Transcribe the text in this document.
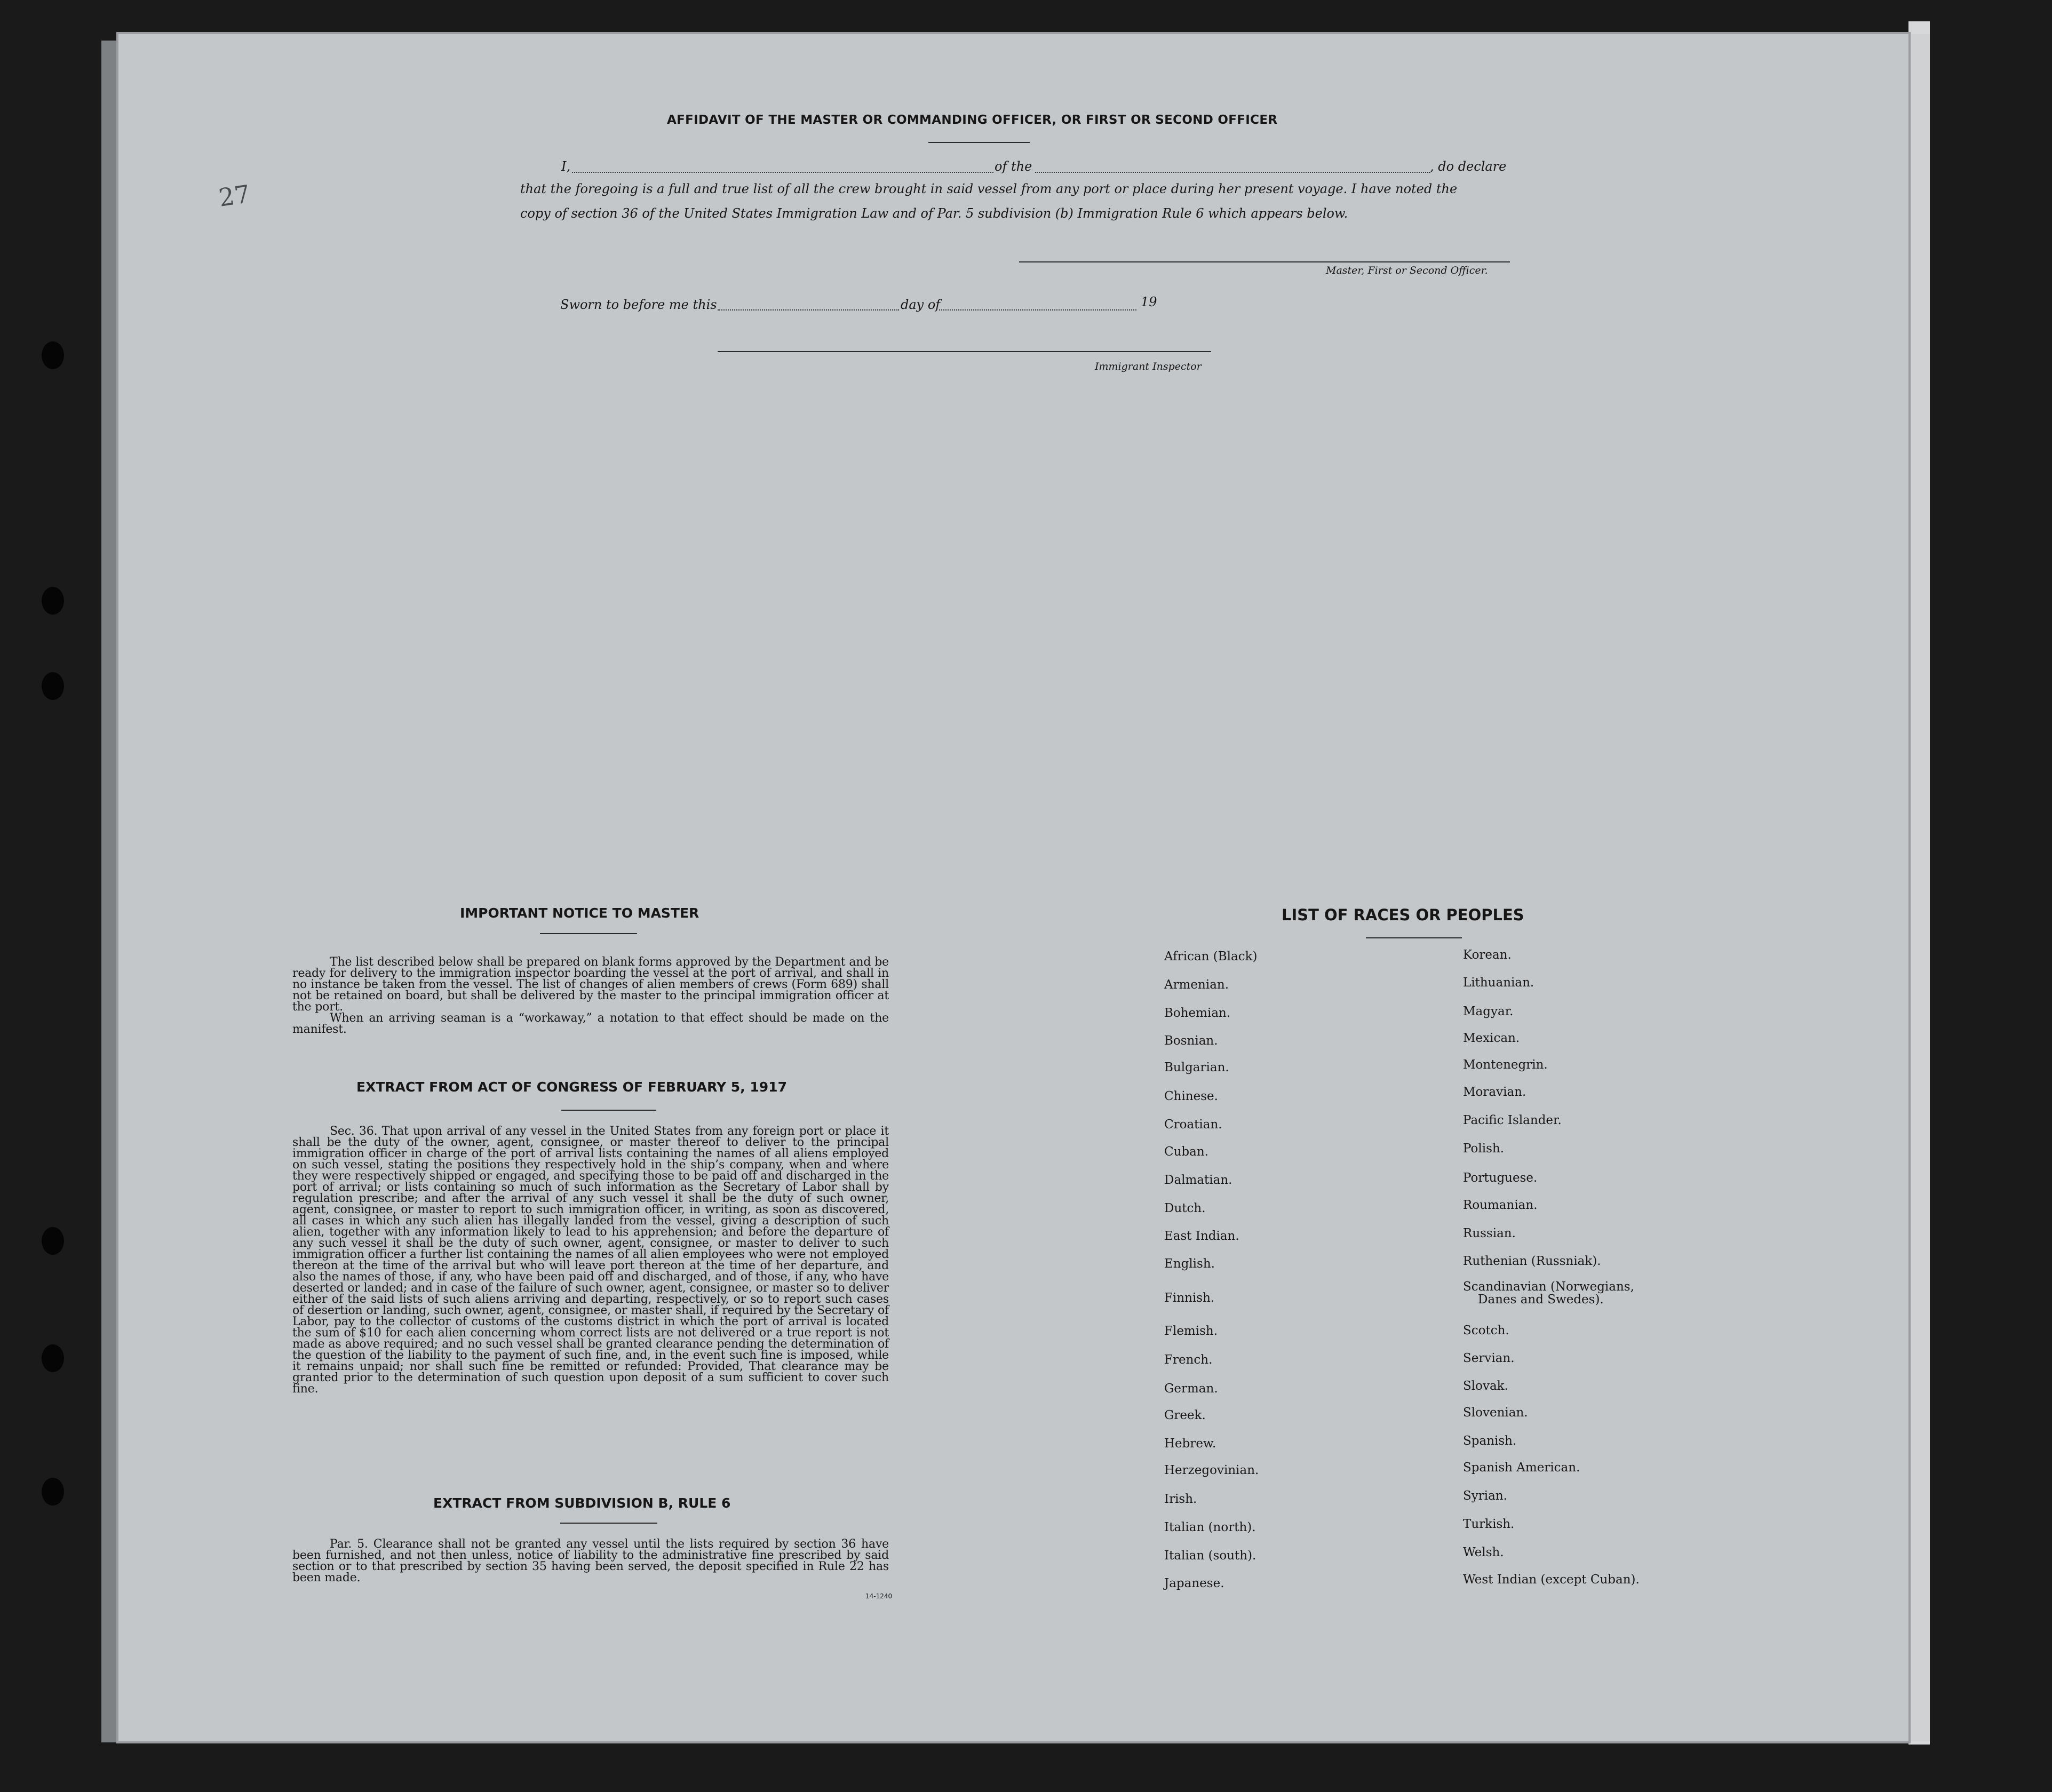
27
AFFIDAVIT OF THE MASTER OR COMMANDING OFFICER, OR FIRST OR SECOND OFFICER
I,	of the	, do declare
that the foregoing is a full and true list of all the crew brought in said vessel from any port or place during her present voyage. I have noted the
copy of section 36 of the United States Immigration Law and of Par. 5 subdivision (b) Immigration Rule 6 which appears below.
Master, First or Second Officer.
Sworn to before me this	day of	19
Immigrant Inspector
IMPORTANT NOTICE TO MASTER

The list described below shall be prepared on blank forms approved by the Department and be ready for delivery to the immigration inspector boarding the vessel at the port of arrival, and shall in no instance be taken from the vessel. The list of changes of alien members of crews (Form 689) shall not be retained on board, but shall be delivered by the master to the principal immigration officer at the port.

When an arriving seaman is a “workaway,” a notation to that effect should be made on the manifest.

EXTRACT FROM ACT OF CONGRESS OF FEBRUARY 5, 1917

Sec. 36. That upon arrival of any vessel in the United States from any foreign port or place it shall be the duty of the owner, agent, consignee, or master thereof to deliver to the principal immigration officer in charge of the port of arrival lists containing the names of all aliens employed on such vessel, stating the positions they respectively hold in the ship’s company, when and where they were respectively shipped or engaged, and specifying those to be paid off and discharged in the port of arrival; or lists containing so much of such information as the Secretary of Labor shall by regulation prescribe; and after the arrival of any such vessel it shall be the duty of such owner, agent, consignee, or master to report to such immigration officer, in writing, as soon as discovered, all cases in which any such alien has illegally landed from the vessel, giving a description of such alien, together with any information likely to lead to his apprehension; and before the departure of any such vessel it shall be the duty of such owner, agent, consignee, or master to deliver to such immigration officer a further list containing the names of all alien employees who were not employed thereon at the time of the arrival but who will leave port thereon at the time of her departure, and also the names of those, if any, who have been paid off and discharged, and of those, if any, who have deserted or landed; and in case of the failure of such owner, agent, consignee, or master so to deliver either of the said lists of such aliens arriving and departing, respectively, or so to report such cases of desertion or landing, such owner, agent, consignee, or master shall, if required by the Secretary of Labor, pay to the collector of customs of the customs district in which the port of arrival is located the sum of $10 for each alien concerning whom correct lists are not delivered or a true report is not made as above required; and no such vessel shall be granted clearance pending the determination of the question of the liability to the payment of such fine, and, in the event such fine is imposed, while it remains unpaid; nor shall such fine be remitted or refunded: Provided, That clearance may be granted prior to the determination of such question upon deposit of a sum sufficient to cover such fine.

EXTRACT FROM SUBDIVISION B, RULE 6

Par. 5. Clearance shall not be granted any vessel until the lists required by section 36 have been furnished, and not then unless, notice of liability to the administrative fine prescribed by said section or to that prescribed by section 35 having been served, the deposit specified in Rule 22 has been made.

14-1240
LIST OF RACES OR PEOPLES
African (Black)
Armenian.
Bohemian.
Bosnian.
Bulgarian.
Chinese.
Croatian.
Cuban.
Dalmatian.
Dutch.
East Indian.
English.
Finnish.
Flemish.
French.
German.
Greek.
Hebrew.
Herzegovinian.
Irish.
Italian (north).
Italian (south).
Japanese.
Korean.
Lithuanian.
Magyar.
Mexican.
Montenegrin.
Moravian.
Pacific Islander.
Polish.
Portuguese.
Roumanian.
Russian.
Ruthenian (Russniak).
Scandinavian (Norwegians,
Danes and Swedes).
Scotch.
Servian.
Slovak.
Slovenian.
Spanish.
Spanish American.
Syrian.
Turkish.
Welsh.
West Indian (except Cuban).
